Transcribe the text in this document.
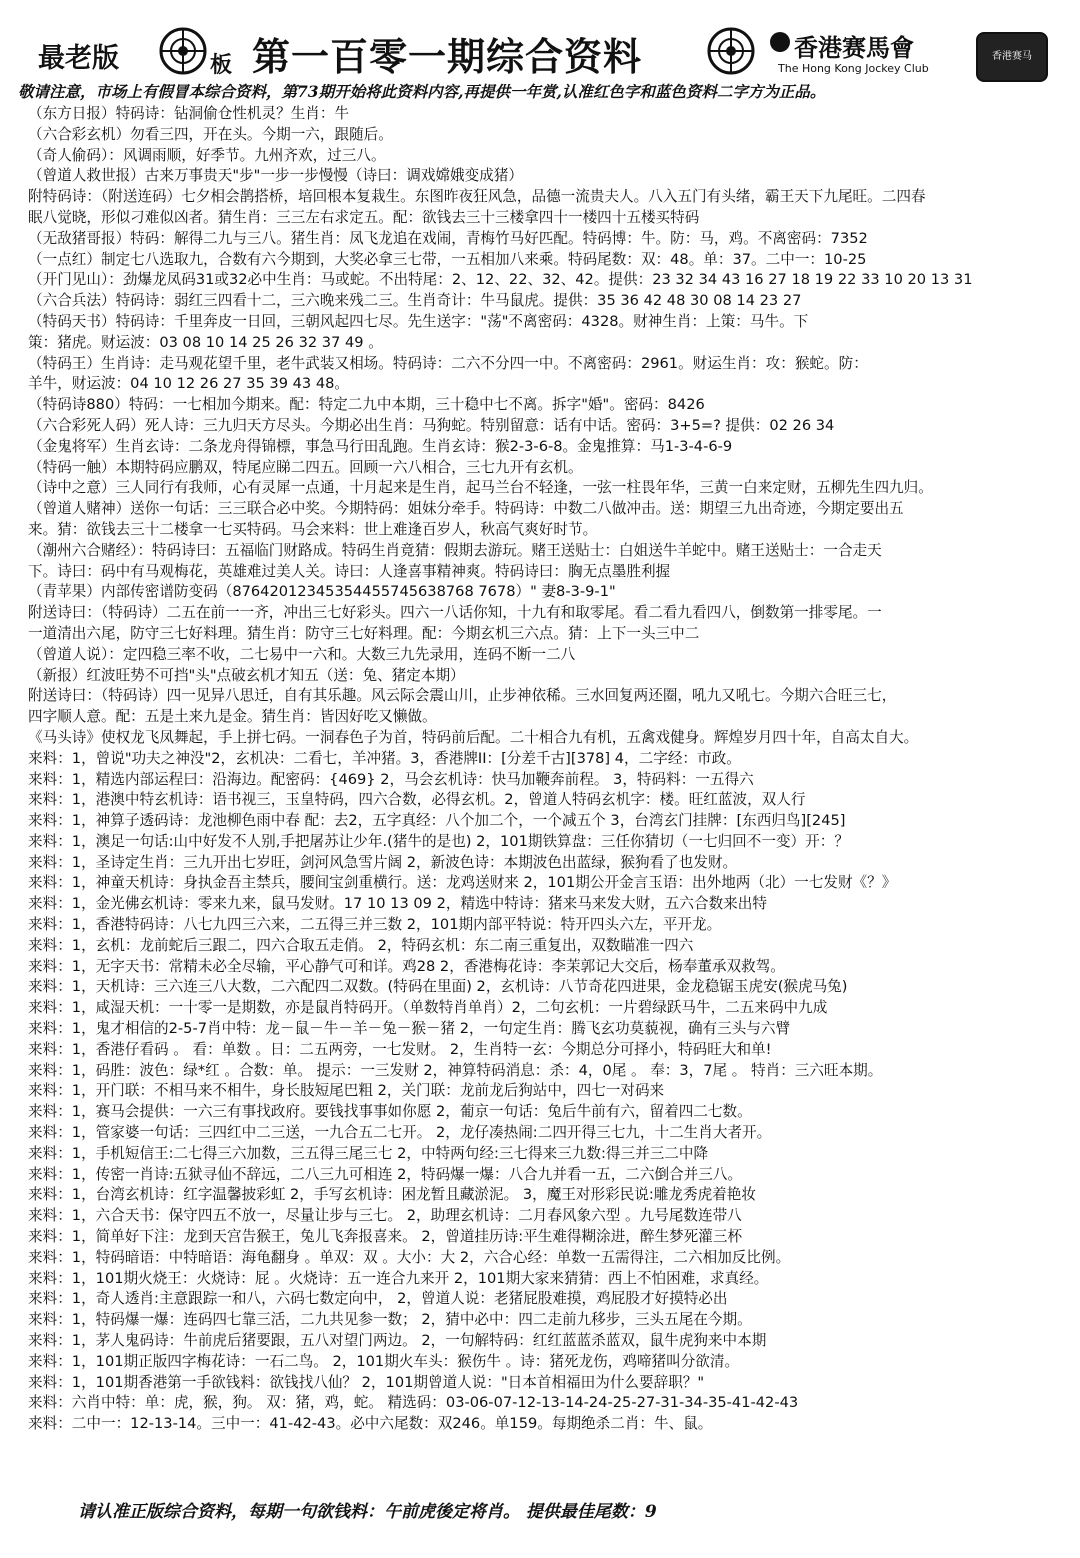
最老版	板 第一百零一期综合资料	香港赛馬會
The Hong Kong Jockey Club
香港赛马
敬请注意，市场上有假冒本综合资料，第73期开始将此资料内容,再提供一年赏,认准红色字和蓝色资料二字方为正品。
（东方日报）特码诗：钻洞偷仓性机灵？生肖：牛
（六合彩玄机）勿看三四，开在头。今期一六，跟随后。
（奇人偷码）：风调雨顺，好季节。九州齐欢，过三八。
（曾道人救世报）古来万事贵天"步"一步一步慢慢（诗曰：调戏嫦娥变成猪）
附特码诗：（附送连码）七夕相会鹊搭桥，培回根本复栽生。东图昨夜狂风急，品德一流贵夫人。八入五门有头绪，霸王天下九尾旺。二四春
眠八觉晓，形似刁难似凶者。猜生肖：三三左右求定五。配：欲钱去三十三楼拿四十一楼四十五楼买特码
（无敌猪哥报）特码：解得二九与三八。猪生肖：凤飞龙追在戏闹，青梅竹马好匹配。特码博：牛。防：马，鸡。不离密码：7352
（一点红）制定七八选取九，合数有六今期到，大奖必拿三七带，一五相加八来乘。特码尾数：双：48。单：37。二中一：10-25
（开门见山）：劲爆龙凤码31或32必中生肖：马或蛇。不出特尾：2、12、22、32、42。提供：23 32 34 43 16 27 18 19 22 33 10 20 13 31
（六合兵法）特码诗：弱红三四看十二，三六晚来残二三。生肖奇计：牛马鼠虎。提供：35 36 42 48 30 08 14 23 27
（特码天书）特码诗：千里奔皮一日回，三朝风起四七尽。先生送字："荡"不离密码：4328。财神生肖：上策：马牛。下
策：猪虎。财运波：03 08 10 14 25 26 32 37 49 。
（特码王）生肖诗：走马观花望千里，老牛武装又相场。特码诗：二六不分四一中。不离密码：2961。财运生肖：攻：猴蛇。防：
羊牛，财运波：04 10 12 26 27 35 39 43 48。
（特码诗880）特码：一七相加今期来。配：特定二九中本期，三十稳中七不离。拆字"婚"。密码：8426
（六合彩死人码）死人诗：三九归天方尽头。今期必出生肖：马狗蛇。特别留意：话有中话。密码：3+5=? 提供：02 26 34
（金鬼将军）生肖玄诗：二条龙舟得锦標，事急马行田乱跑。生肖玄诗：猴2-3-6-8。金鬼推算：马1-3-4-6-9
（特码一触）本期特码应鹏双，特尾应睇二四五。回顾一六八相合，三七九开有玄机。
（诗中之意）三人同行有我师，心有灵犀一点通，十月起来是生肖，起马兰台不轻逢，一弦一柱畏年华，三黄一白来定财，五柳先生四九归。
（曾道人赌神）送你一句话：三三联合必中奖。今期特码：姐妹分牵手。特码诗：中数二八做冲击。送：期望三九出奇迹，今期定要出五
来。猜：欲钱去三十二楼拿一七买特码。马会来料：世上难逢百岁人，秋高气爽好时节。
（潮州六合赌经）：特码诗曰：五福临门财路成。特码生肖竟猜：假期去游玩。赌王送贴士：白姐送牛羊蛇中。赌王送贴士：一合走天
下。诗曰：码中有马观梅花，英雄难过美人关。诗曰：人逢喜事精神爽。特码诗曰：胸无点墨胜利握
（青苹果）内部传密谱防变码（87642012345354455745638768 7678）" 妻8-3-9-1"
附送诗曰：（特码诗）二五在前一一齐，冲出三七好彩头。四六一八话你知，十九有和取零尾。看二看九看四八，倒数第一排零尾。一
一道清出六尾，防守三七好料理。猜生肖：防守三七好料理。配：今期玄机三六点。猜：上下一头三中二
（曾道人说）：定四稳三率不收，二七易中一六和。大数三九先录用，连码不断一二八
（新报）红波旺势不可挡"头"点破玄机才知五（送：兔、猪定本期）
附送诗曰：（特码诗）四一见异八思迁，自有其乐趣。风云际会震山川，止步神依稀。三水回复两还圈，吼九又吼七。今期六合旺三七，
四字顺人意。配：五是土来九是金。猜生肖：皆因好吃又懒做。
《马头诗》使权龙飞凤舞起，手上拼七码。一洞春色子为首，特码前后配。二十相合九有机，五禽戏健身。辉煌岁月四十年，自高太自大。
来料：1，曾说"功夫之神没"2，玄机决：二看七，羊冲猪。3，香港牌II：[分差千古][378] 4，二字经：市政。
来料：1，精选内部运程曰：沿海边。配密码：{469} 2，马会玄机诗：快马加鞭奔前程。 3，特码料：一五得六
来料：1，港澳中特玄机诗：语书视三，玉皇特码，四六合数，必得玄机。2，曾道人特码玄机字：楼。旺红蓝波，双人行
来料：1，神算子透码诗：龙池柳色雨中春 配：去2，五字真经：八个加二个，一个减五个 3，台湾玄门挂牌：[东西归鸟][245]
来料：1，澳足一句话:山中好发不人别,手把屠苏让少年.(猪牛的是也) 2，101期铁算盘：三任你猜切（一七归回不一变）开：？
来料：1，圣诗定生肖：三九开出七岁旺，剑河风急雪片阔 2，新波色诗：本期波色出蓝绿，猴狗看了也发财。
来料：1，神童天机诗：身执金吾主禁兵，腰间宝剑重横行。送：龙鸡送财来 2，101期公开金言玉语：出外地两（北）一七发财《？》
来料：1，金光佛玄机诗：零来九来，鼠马发财。17 10 13 09 2，精选中特诗：猪来马来发大财，五六合数来出特
来料：1，香港特码诗：八七九四三六来，二五得三并三数 2，101期内部平特说：特开四头六左，平开龙。
来料：1，玄机：龙前蛇后三跟二，四六合取五走俏。 2，特码玄机：东二南三重复出，双数瞄准一四六
来料：1，无字天书：常精未必全尽输，平心静气可和详。鸡28 2，香港梅花诗：李茉郭记大交后，杨奉董承双救驾。
来料：1，天机诗：三六连三八大数，二六配四二双数。(特码在里面) 2，玄机诗：八节奇花四进果，金龙稳锯玉虎安(猴虎马兔)
来料：1，咸湿天机：一十零一是期数，亦是鼠肖特码开。（单数特肖单肖）2，二句玄机：一片碧绿跃马牛，二五来码中九成
来料：1，鬼才相信的2-5-7肖中特：龙－鼠－牛－羊－兔－猴－猪 2，一句定生肖：腾飞玄功莫藐视，确有三头与六臂
来料：1，香港仔看码 。 看：单数 。日：二五两旁，一七发财。 2，生肖特一玄：今期总分可择小，特码旺大和单!
来料：1，码胜：波色：绿*红 。合数：单。 提示：一三发财 2，神算特码消息：杀：4，0尾 。 奉：3，7尾 。 特肖：三六旺本期。
来料：1，开门联：不相马来不相牛，身长肢短尾巴粗 2，关门联：龙前龙后狗站中，四七一对码来
来料：1，赛马会提供：一六三有事找政府。要钱找事事如你愿 2，葡京一句话：兔后牛前有六，留着四二七数。
来料：1，管家婆一句话：三四红中二三送，一九合五二七开。 2，龙仔凑热闹:二四开得三七九，十二生肖大者开。
来料：1，手机短信王:二七得三六加数，三五得三尾三七 2，中特两句经:三七得来三九数:得三并三二中降
来料：1，传密一肖诗:五狱寻仙不辞远，二八三九可相连 2，特码爆一爆：八合九并看一五，二六倒合并三八。
来料：1，台湾玄机诗：红字温馨披彩虹 2，手写玄机诗：困龙暂且藏淤泥。 3，魔王对形彩民说:雕龙秀虎着艳妆
来料：1，六合天书：保守四五不放一，尽量让步与三七。 2，助理玄机诗：二月春风象六型 。九号尾数连带八
来料：1，简单好下注：龙到天宫告猴王，兔儿飞奔报喜来。 2，曾道挂历诗:平生难得糊涂进，醉生梦死灌三杯
来料：1，特码暗语：中特暗语：海龟翻身 。单双：双 。大小：大 2，六合心经：单数一五需得注，二六相加反比例。
来料：1，101期火烧王：火烧诗：屁 。火烧诗：五一连合九来开 2，101期大家来猜猜：西上不怕困难，求真经。
来料：1，奇人透肖:主意跟踪一和八，六码七数定向中， 2，曾道人说：老猪屁股难摸，鸡屁股才好摸特必出
来料：1，特码爆一爆：连码四七靠三活，二九共见参一数； 2，猜中必中：四二走前九移步，三头五尾在今期。
来料：1，茅人鬼码诗：牛前虎后猪要跟，五八对望门两边。 2，一句解特码：红红蓝蓝杀蓝双，鼠牛虎狗来中本期
来料：1，101期正版四字梅花诗：一石二鸟。 2，101期火车头：猴伤牛 。诗：猪死龙伤，鸡啼猪叫分欲清。
来料：1，101期香港第一手欲钱料：欲钱找八仙？ 2，101期曾道人说："日本首相福田为什么要辞职？"
来料：六肖中特：单：虎，猴，狗。 双：猪，鸡，蛇。 精选码：03-06-07-12-13-14-24-25-27-31-34-35-41-42-43
来料：二中一：12-13-14。三中一：41-42-43。必中六尾数：双246。单159。每期绝杀二肖：牛、鼠。
请认准正版综合资料，每期一句欲钱料：午前虎後定将肖。 提供最佳尾数：9
